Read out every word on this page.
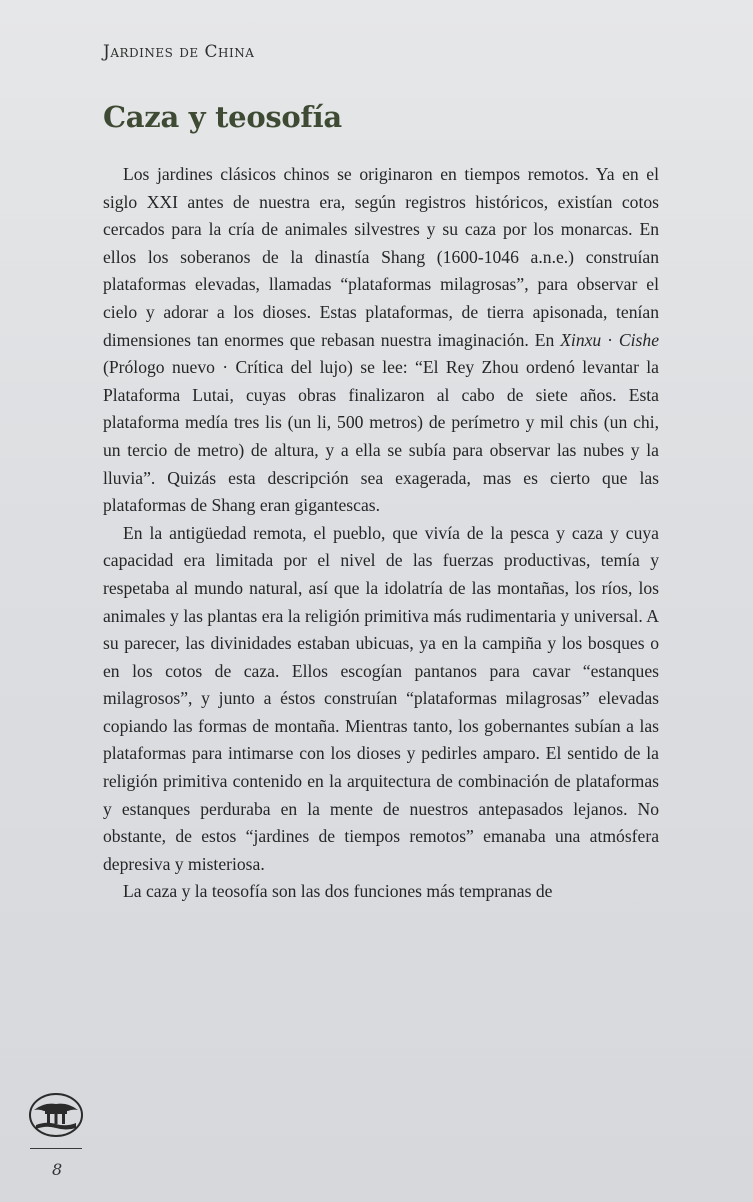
Jardines de China
Caza y teosofía

Los jardines clásicos chinos se originaron en tiempos remotos. Ya en el siglo XXI antes de nuestra era, según registros históricos, existían cotos cercados para la cría de animales silvestres y su caza por los monarcas. En ellos los soberanos de la dinastía Shang (1600-1046 a.n.e.) construían plataformas elevadas, llamadas “plataformas milagrosas”, para observar el cielo y adorar a los dioses. Estas plataformas, de tierra apisonada, tenían dimensiones tan enormes que rebasan nuestra imaginación. En Xinxu · Cishe (Prólogo nuevo · Crítica del lujo) se lee: “El Rey Zhou ordenó levantar la Plataforma Lutai, cuyas obras finalizaron al cabo de siete años. Esta plataforma medía tres lis (un li, 500 metros) de perímetro y mil chis (un chi, un tercio de metro) de altura, y a ella se subía para observar las nubes y la lluvia”. Quizás esta descripción sea exagerada, mas es cierto que las plataformas de Shang eran gigantescas.

En la antigüedad remota, el pueblo, que vivía de la pesca y caza y cuya capacidad era limitada por el nivel de las fuerzas productivas, temía y respetaba al mundo natural, así que la idolatría de las montañas, los ríos, los animales y las plantas era la religión primitiva más rudimentaria y universal. A su parecer, las divinidades estaban ubicuas, ya en la campiña y los bosques o en los cotos de caza. Ellos escogían pantanos para cavar “estanques milagrosos”, y junto a éstos construían “plataformas milagrosas” elevadas copiando las formas de montaña. Mientras tanto, los gobernantes subían a las plataformas para intimarse con los dioses y pedirles amparo. El sentido de la religión primitiva contenido en la arquitectura de combinación de plataformas y estanques perduraba en la mente de nuestros antepasados lejanos. No obstante, de estos “jardines de tiempos remotos” emanaba una atmósfera depresiva y misteriosa.

La caza y la teosofía son las dos funciones más tempranas de

8
